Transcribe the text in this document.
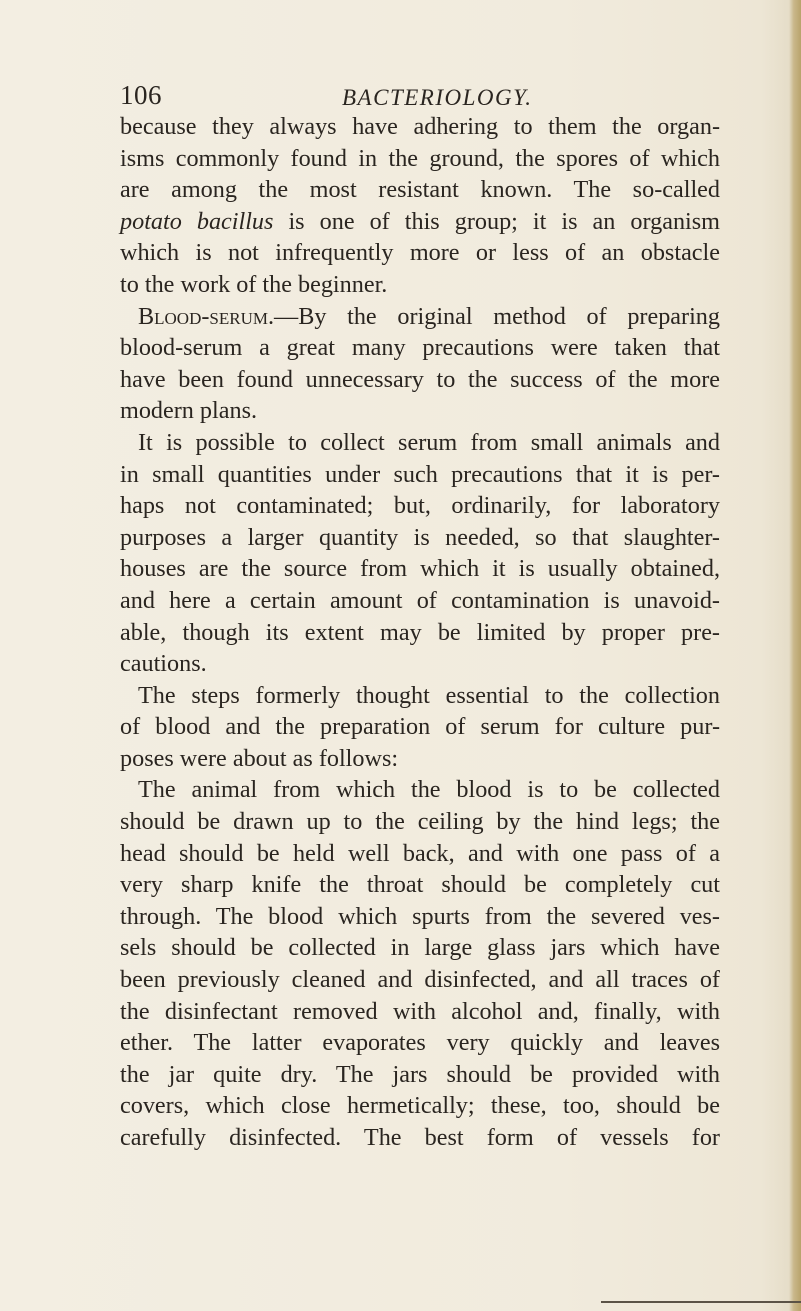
106	BACTERIOLOGY.
because they always have adhering to them the organ-
isms commonly found in the ground, the spores of which
are among the most resistant known. The so-called
potato bacillus is one of this group; it is an organism
which is not infrequently more or less of an obstacle
to the work of the beginner.
Blood-serum.—By the original method of preparing
blood-serum a great many precautions were taken that
have been found unnecessary to the success of the more
modern plans.
It is possible to collect serum from small animals and
in small quantities under such precautions that it is per-
haps not contaminated; but, ordinarily, for laboratory
purposes a larger quantity is needed, so that slaughter-
houses are the source from which it is usually obtained,
and here a certain amount of contamination is unavoid-
able, though its extent may be limited by proper pre-
cautions.
The steps formerly thought essential to the collection
of blood and the preparation of serum for culture pur-
poses were about as follows:
The animal from which the blood is to be collected
should be drawn up to the ceiling by the hind legs; the
head should be held well back, and with one pass of a
very sharp knife the throat should be completely cut
through. The blood which spurts from the severed ves-
sels should be collected in large glass jars which have
been previously cleaned and disinfected, and all traces of
the disinfectant removed with alcohol and, finally, with
ether. The latter evaporates very quickly and leaves
the jar quite dry. The jars should be provided with
covers, which close hermetically; these, too, should be
carefully disinfected. The best form of vessels for
